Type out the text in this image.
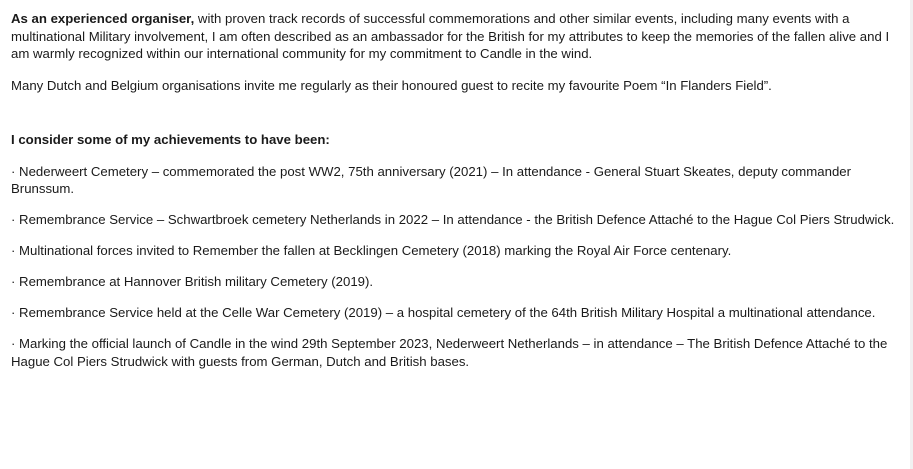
As an experienced organiser, with proven track records of successful commemorations and other similar events, including many events with a multinational Military involvement, I am often described as an ambassador for the British for my attributes to keep the memories of the fallen alive and I am warmly recognized within our international community for my commitment to Candle in the wind.

Many Dutch and Belgium organisations invite me regularly as their honoured guest to recite my favourite Poem “In Flanders Field”.

I consider some of my achievements to have been:

· Nederweert Cemetery – commemorated the post WW2, 75th anniversary (2021) – In attendance - General Stuart Skeates, deputy commander Brunssum.

· Remembrance Service – Schwartbroek cemetery Netherlands in 2022 – In attendance - the British Defence Attaché to the Hague Col Piers Strudwick.

· Multinational forces invited to Remember the fallen at Becklingen Cemetery (2018) marking the Royal Air Force centenary.

· Remembrance at Hannover British military Cemetery (2019).

· Remembrance Service held at the Celle War Cemetery (2019) – a hospital cemetery of the 64th British Military Hospital a multinational attendance.

· Marking the official launch of Candle in the wind 29th September 2023, Nederweert Netherlands – in attendance – The British Defence Attaché to the Hague Col Piers Strudwick with guests from German, Dutch and British bases.
